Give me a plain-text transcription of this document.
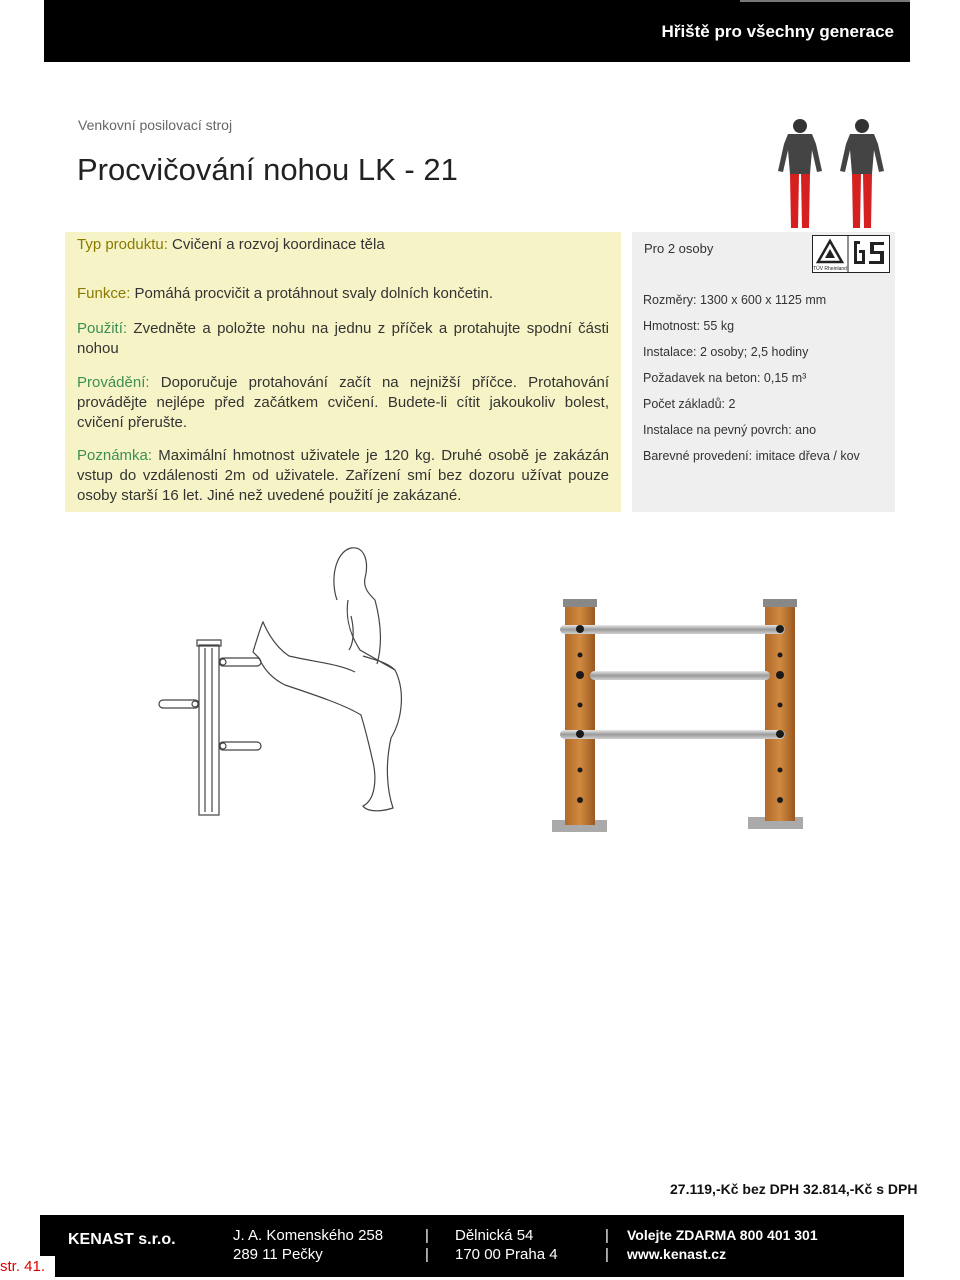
Hřiště pro všechny generace
Venkovní posilovací stroj
Procvičování nohou LK - 21

Typ produktu: Cvičení a rozvoj koordinace těla

Funkce: Pomáhá procvičit a protáhnout svaly dolních končetin.

Použití: Zvedněte a položte nohu na jednu z příček a protahujte spodní části nohou

Provádění: Doporučuje protahování začít na nejnižší příčce. Protahování provádějte nejlépe před začátkem cvičení. Budete-li cítit jakoukoliv bolest, cvičení přerušte.

Poznámka: Maximální hmotnost uživatele je 120 kg. Druhé osobě je zakázán vstup do vzdálenosti 2m od uživatele. Zařízení smí bez dozoru užívat pouze osoby starší 16 let. Jiné než uvedené použití je zakázané.

Pro 2 osoby
TÜV Rheinland
Rozměry: 1300 x 600 x 1125 mm
Hmotnost: 55 kg
Instalace: 2 osoby; 2,5 hodiny
Požadavek na beton: 0,15 m³
Počet základů: 2
Instalace na pevný povrch: ano
Barevné provedení: imitace dřeva / kov
27.119,-Kč bez DPH 32.814,-Kč s DPH
KENAST s.r.o.	J. A. Komenského 258
289 11 Pečky
|
|
Dělnická 54
170 00 Praha 4
|
|
Volejte ZDARMA 800 401 301
www.kenast.cz
str. 41.
